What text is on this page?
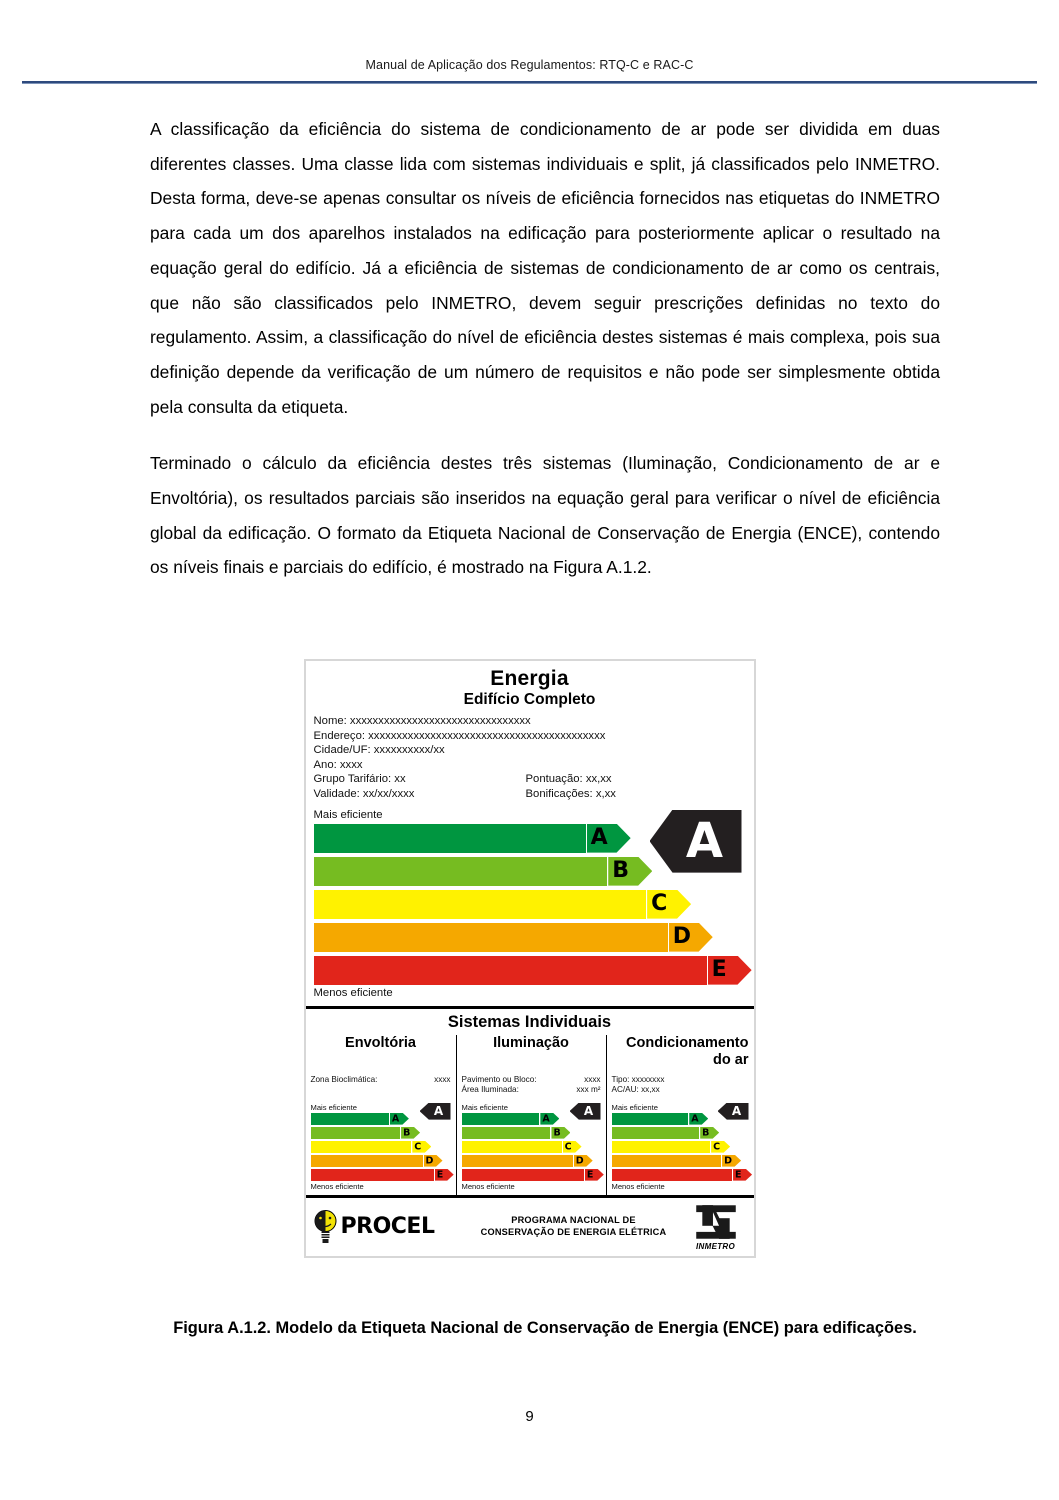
Manual de Aplicação dos Regulamentos: RTQ-C e RAC-C

A classificação da eficiência do sistema de condicionamento de ar pode ser dividida em duas diferentes classes. Uma classe lida com sistemas individuais e split, já classificados pelo INMETRO. Desta forma, deve-se apenas consultar os níveis de eficiência fornecidos nas etiquetas do INMETRO para cada um dos aparelhos instalados na edificação para posteriormente aplicar o resultado na equação geral do edifício. Já a eficiência de sistemas de condicionamento de ar como os centrais, que não são classificados pelo INMETRO, devem seguir prescrições definidas no texto do regulamento. Assim, a classificação do nível de eficiência destes sistemas é mais complexa, pois sua definição depende da verificação de um número de requisitos e não pode ser simplesmente obtida pela consulta da etiqueta.

Terminado o cálculo da eficiência destes três sistemas (Iluminação, Condicionamento de ar e Envoltória), os resultados parciais são inseridos na equação geral para verificar o nível de eficiência global da edificação. O formato da Etiqueta Nacional de Conservação de Energia (ENCE), contendo os níveis finais e parciais do edifício, é mostrado na Figura A.1.2.

Energia
Edifício Completo
Nome: xxxxxxxxxxxxxxxxxxxxxxxxxxxxxxxx
Endereço: xxxxxxxxxxxxxxxxxxxxxxxxxxxxxxxxxxxxxxxxxx
Cidade/UF: xxxxxxxxxx/xx
Ano: xxxx
Grupo Tarifário: xx	Pontuação: xx,xx
Validade: xx/xx/xxxx	Bonificações: x,xx
Mais eficiente
A
B
C
D
E
Menos eficiente
A
Sistemas Individuais
Envoltória
Zona Bioclimática:	xxxx
Mais eficiente
A
B
C
D
E
Menos eficiente
A
Iluminação
Pavimento ou Bloco:	xxxx
Área Iluminada:	xxx m²
Mais eficiente
A
B
C
D
E
Menos eficiente
A
Condicionamento do ar
Tipo: xxxxxxxx
AC/AU: xx,xx
Mais eficiente
A
B
C
D
E
Menos eficiente
A
PROCEL	PROGRAMA NACIONAL DE
CONSERVAÇÃO DE ENERGIA ELÉTRICA
INMETRO
Figura A.1.2. Modelo da Etiqueta Nacional de Conservação de Energia (ENCE) para edificações.
9
